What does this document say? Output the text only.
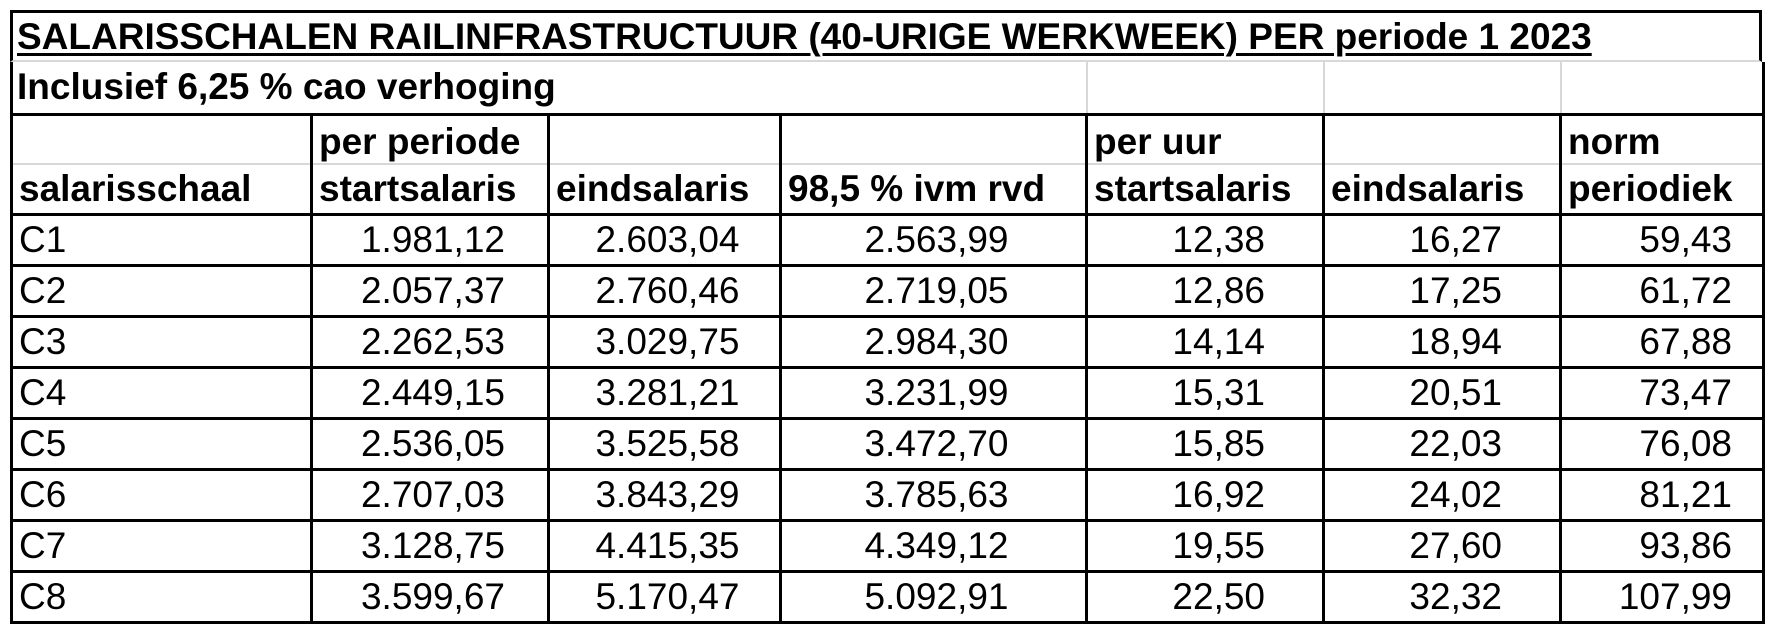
SALARISSCHALEN RAILINFRASTRUCTUUR (40-URIGE WERKWEEK) PER periode 1 2023
Inclusief 6,25 % cao verhoging						
	per periode			per uur		norm
salarisschaal	startsalaris	eindsalaris	98,5 % ivm rvd	startsalaris	eindsalaris	periodiek
C1	1.981,12	2.603,04	2.563,99	12,38	16,27	59,43
C2	2.057,37	2.760,46	2.719,05	12,86	17,25	61,72
C3	2.262,53	3.029,75	2.984,30	14,14	18,94	67,88
C4	2.449,15	3.281,21	3.231,99	15,31	20,51	73,47
C5	2.536,05	3.525,58	3.472,70	15,85	22,03	76,08
C6	2.707,03	3.843,29	3.785,63	16,92	24,02	81,21
C7	3.128,75	4.415,35	4.349,12	19,55	27,60	93,86
C8	3.599,67	5.170,47	5.092,91	22,50	32,32	107,99
